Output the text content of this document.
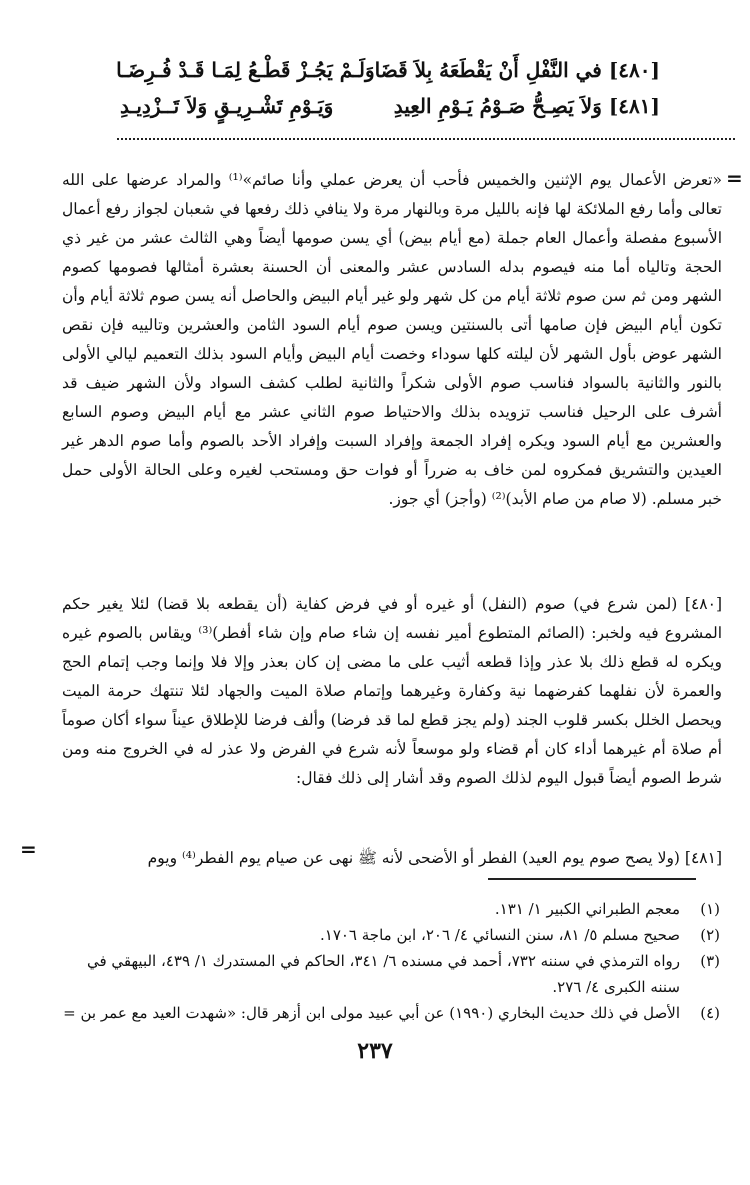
[٤٨٠] في النَّفْلِ أَنْ يَقْطَعَهُ بِلاَ قَضَا
وَلَـمْ يَجُـزْ قَطْـعُ لِمَـا قَـدْ فُـرِضَـا
[٤٨١] وَلاَ يَصِـحُّ صَـوْمُ يَـوْمِ العِيدِ
وَيَـوْمِ تَشْـرِيـقٍ وَلاَ تَــزْدِيـدِ
=

«تعرض الأعمال يوم الإثنين والخميس فأحب أن يعرض عملي وأنا صائم»⁽¹⁾ والمراد عرضها على الله تعالى وأما رفع الملائكة لها فإنه بالليل مرة وبالنهار مرة ولا ينافي ذلك رفعها في شعبان لجواز رفع أعمال الأسبوع مفصلة وأعمال العام جملة (مع أيام بيض) أي يسن صومها أيضاً وهي الثالث عشر من غير ذي الحجة وتالياه أما منه فيصوم بدله السادس عشر والمعنى أن الحسنة بعشرة أمثالها فصومها كصوم الشهر ومن ثم سن صوم ثلاثة أيام من كل شهر ولو غير أيام البيض والحاصل أنه يسن صوم ثلاثة أيام وأن تكون أيام البيض فإن صامها أتى بالسنتين ويسن صوم أيام السود الثامن والعشرين وتالييه فإن نقص الشهر عوض بأول الشهر لأن ليلته كلها سوداء وخصت أيام البيض وأيام السود بذلك التعميم ليالي الأولى بالنور والثانية بالسواد فناسب صوم الأولى شكراً والثانية لطلب كشف السواد ولأن الشهر ضيف قد أشرف على الرحيل فناسب تزويده بذلك والاحتياط صوم الثاني عشر مع أيام البيض وصوم السابع والعشرين مع أيام السود ويكره إفراد الجمعة وإفراد السبت وإفراد الأحد بالصوم وأما صوم الدهر غير العيدين والتشريق فمكروه لمن خاف به ضرراً أو فوات حق ومستحب لغيره وعلى الحالة الأولى حمل خبر مسلم. (لا صام من صام الأبد)⁽²⁾ (وأجز) أي جوز.

[٤٨٠] (لمن شرع في) صوم (النفل) أو غيره أو في فرض كفاية (أن يقطعه بلا قضا) لئلا يغير حكم المشروع فيه ولخبر: (الصائم المتطوع أمير نفسه إن شاء صام وإن شاء أفطر)⁽³⁾ ويقاس بالصوم غيره ويكره له قطع ذلك بلا عذر وإذا قطعه أثيب على ما مضى إن كان بعذر وإلا فلا وإنما وجب إتمام الحج والعمرة لأن نفلهما كفرضهما نية وكفارة وغيرهما وإتمام صلاة الميت والجهاد لئلا تنتهك حرمة الميت ويحصل الخلل بكسر قلوب الجند (ولم يجز قطع لما قد فرضا) وألف فرضا للإطلاق عيناً سواء أكان صوماً أم صلاة أم غيرهما أداء كان أم قضاء ولو موسعاً لأنه شرع في الفرض ولا عذر له في الخروج منه ومن شرط الصوم أيضاً قبول اليوم لذلك الصوم وقد أشار إلى ذلك فقال:

[٤٨١] (ولا يصح صوم يوم العيد) الفطر أو الأضحى لأنه ﷺ نهى عن صيام يوم الفطر⁽⁴⁾ ويوم

=
(١)
معجم الطبراني الكبير ١/ ١٣١.
(٢)
صحيح مسلم ٥/ ٨١، سنن النسائي ٤/ ٢٠٦، ابن ماجة ١٧٠٦.
(٣)
رواه الترمذي في سننه ٧٣٢، أحمد في مسنده ٦/ ٣٤١، الحاكم في المستدرك ١/ ٤٣٩، البيهقي في سننه الكبرى ٤/ ٢٧٦.
(٤)
الأصل في ذلك حديث البخاري (١٩٩٠) عن أبي عبيد مولى ابن أزهر قال: «شهدت العيد مع عمر بن =
٢٣٧
